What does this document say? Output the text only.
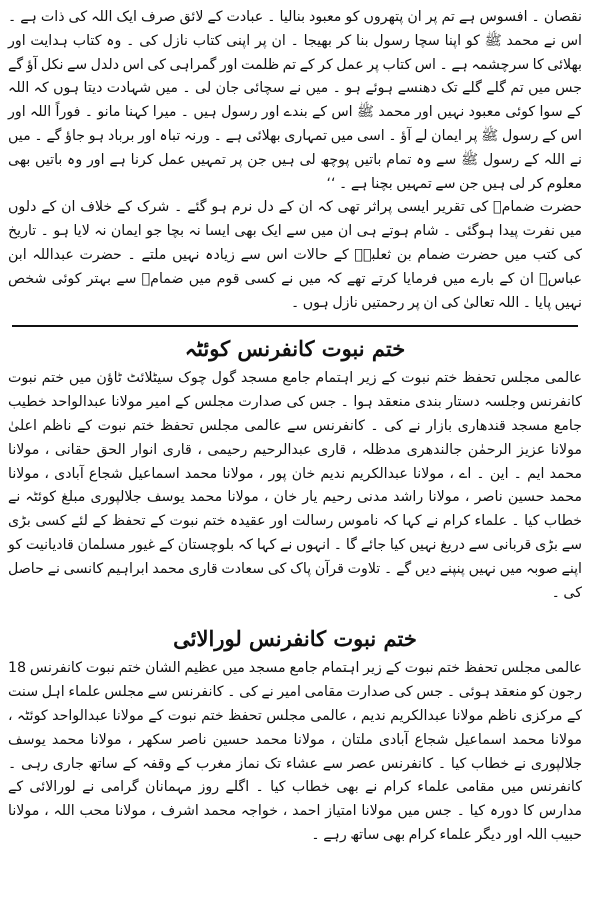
نقصان ۔ افسوس ہے تم پر ان پتھروں کو معبود بنالیا ۔ عبادت کے لائق صرف ایک اللہ کی ذات ہے ۔ اس نے محمد ﷺ کو اپنا سچا رسول بنا کر بھیجا ۔ ان پر اپنی کتاب نازل کی ۔ وہ کتاب ہدایت اور بھلائی کا سرچشمہ ہے ۔ اس کتاب پر عمل کر کے تم ظلمت اور گمراہی کی اس دلدل سے نکل آؤ گے جس میں تم گلے گلے تک دھنسے ہوئے ہو ۔ میں نے سچائی جان لی ۔ میں شہادت دیتا ہوں کہ اللہ کے سوا کوئی معبود نہیں اور محمد ﷺ اس کے بندے اور رسول ہیں ۔ میرا کہنا مانو ۔ فوراً اللہ اور اس کے رسول ﷺ پر ایمان لے آؤ ۔ اسی میں تمہاری بھلائی ہے ۔ ورنہ تباہ اور برباد ہو جاؤ گے ۔ میں نے اللہ کے رسول ﷺ سے وہ تمام باتیں پوچھ لی ہیں جن پر تمہیں عمل کرنا ہے اور وہ باتیں بھی معلوم کر لی ہیں جن سے تمہیں بچنا ہے ۔ ‘‘

حضرت ضمامؓ کی تقریر ایسی پراثر تھی کہ ان کے دل نرم ہو گئے ۔ شرک کے خلاف ان کے دلوں میں نفرت پیدا ہوگئی ۔ شام ہوتے ہی ان میں سے ایک بھی ایسا نہ بچا جو ایمان نہ لایا ہو ۔ تاریخ کی کتب میں حضرت ضمام بن ثعلبہؓ کے حالات اس سے زیادہ نہیں ملتے ۔ حضرت عبداللہ ابن عباسؓ ان کے بارے میں فرمایا کرتے تھے کہ میں نے کسی قوم میں ضمامؓ سے بہتر کوئی شخص نہیں پایا ۔ اللہ تعالیٰ کی ان پر رحمتیں نازل ہوں ۔

ختم نبوت کانفرنس کوئٹہ

عالمی مجلس تحفظ ختم نبوت کے زیر اہتمام جامع مسجد گول چوک سیٹلائٹ ٹاؤن میں ختم نبوت کانفرنس وجلسہ دستار بندی منعقد ہوا ۔ جس کی صدارت مجلس کے امیر مولانا عبدالواحد خطیب جامع مسجد قندھاری بازار نے کی ۔ کانفرنس سے عالمی مجلس تحفظ ختم نبوت کے ناظم اعلیٰ مولانا عزیز الرحمٰن جالندھری مدظلہ ، قاری عبدالرحیم رحیمی ، قاری انوار الحق حقانی ، مولانا محمد ایم ۔ این ۔ اے ، مولانا عبدالکریم ندیم خان پور ، مولانا محمد اسماعیل شجاع آبادی ، مولانا محمد حسین ناصر ، مولانا راشد مدنی رحیم یار خان ، مولانا محمد یوسف جلالپوری مبلغ کوئٹہ نے خطاب کیا ۔ علماء کرام نے کہا کہ ناموس رسالت اور عقیدہ ختم نبوت کے تحفظ کے لئے کسی بڑی سے بڑی قربانی سے دریغ نہیں کیا جائے گا ۔ انہوں نے کہا کہ بلوچستان کے غیور مسلمان قادیانیت کو اپنے صوبہ میں نہیں پنپنے دیں گے ۔ تلاوت قرآن پاک کی سعادت قاری محمد ابراہیم کانسی نے حاصل کی ۔

ختم نبوت کانفرنس لورالائی

عالمی مجلس تحفظ ختم نبوت کے زیر اہتمام جامع مسجد میں عظیم الشان ختم نبوت کانفرنس 18 رجون کو منعقد ہوئی ۔ جس کی صدارت مقامی امیر نے کی ۔ کانفرنس سے مجلس علماء اہل سنت کے مرکزی ناظم مولانا عبدالکریم ندیم ، عالمی مجلس تحفظ ختم نبوت کے مولانا عبدالواحد کوئٹہ ، مولانا محمد اسماعیل شجاع آبادی ملتان ، مولانا محمد حسین ناصر سکھر ، مولانا محمد یوسف جلالپوری نے خطاب کیا ۔ کانفرنس عصر سے عشاء تک نماز مغرب کے وقفہ کے ساتھ جاری رہی ۔ کانفرنس میں مقامی علماء کرام نے بھی خطاب کیا ۔ اگلے روز مہمانان گرامی نے لورالائی کے مدارس کا دورہ کیا ۔ جس میں مولانا امتیاز احمد ، خواجہ محمد اشرف ، مولانا محب اللہ ، مولانا حبیب اللہ اور دیگر علماء کرام بھی ساتھ رہے ۔
